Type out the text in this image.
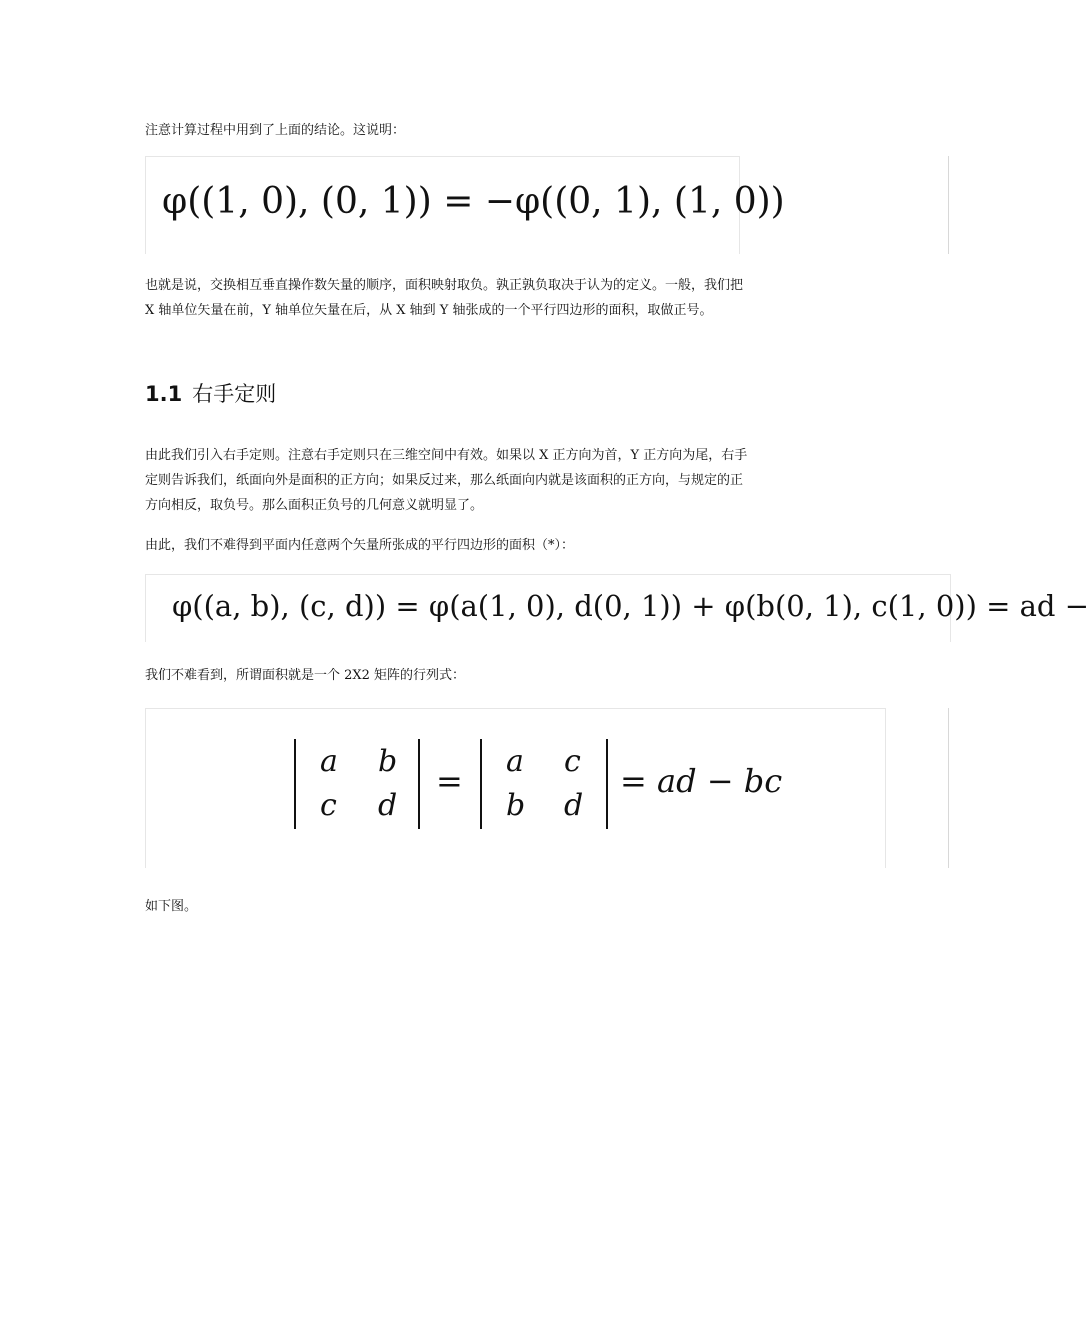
注意计算过程中用到了上面的结论。这说明：

φ((1, 0), (0, 1)) = −φ((0, 1), (1, 0))

也就是说，交换相互垂直操作数矢量的顺序，面积映射取负。孰正孰负取决于认为的定义。一般，我们把
X 轴单位矢量在前，Y 轴单位矢量在后，从 X 轴到 Y 轴张成的一个平行四边形的面积，取做正号。

1.1 右手定则

由此我们引入右手定则。注意右手定则只在三维空间中有效。如果以 X 正方向为首，Y 正方向为尾，右手
定则告诉我们，纸面向外是面积的正方向；如果反过来，那么纸面向内就是该面积的正方向，与规定的正
方向相反，取负号。那么面积正负号的几何意义就明显了。

由此，我们不难得到平面内任意两个矢量所张成的平行四边形的面积（*）：

φ((a, b), (c, d)) = φ(a(1, 0), d(0, 1)) + φ(b(0, 1), c(1, 0)) = ad −

我们不难看到，所谓面积就是一个 2X2 矩阵的行列式：

a b
c d
=
a c
b d
= ad − bc

如下图。
